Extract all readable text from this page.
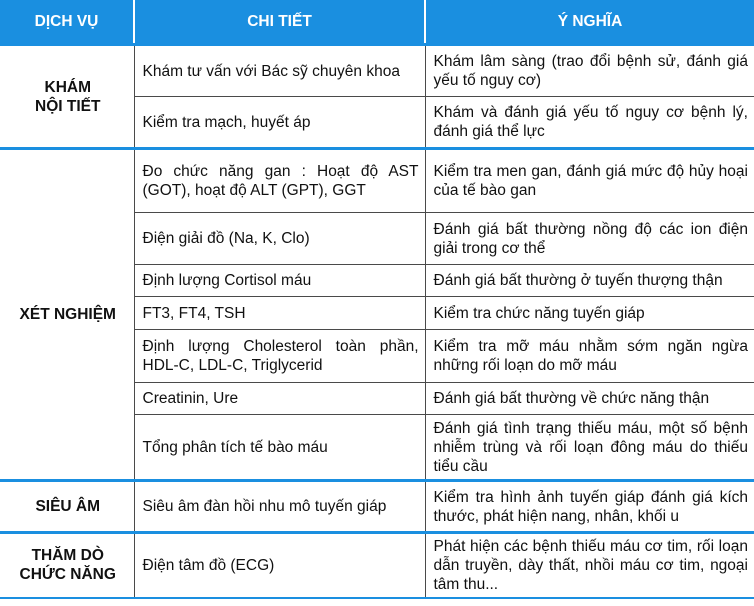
DỊCH VỤ	CHI TIẾT	Ý NGHĨA
KHÁM
NỘI TIẾT	Khám tư vấn với Bác sỹ chuyên khoa	Khám lâm sàng (trao đổi bệnh sử, đánh giá yếu tố nguy cơ)
	Kiểm tra mạch, huyết áp	Khám và đánh giá yếu tố nguy cơ bệnh lý, đánh giá thể lực
XÉT NGHIỆM	Đo chức năng gan : Hoạt độ AST (GOT), hoạt độ ALT (GPT), GGT	Kiểm tra men gan, đánh giá mức độ hủy hoại của tế bào gan
	Điện giải đồ (Na, K, Clo)	Đánh giá bất thường nồng độ các ion điện giải trong cơ thể
	Định lượng Cortisol máu	Đánh giá bất thường ở tuyến thượng thận
	FT3, FT4, TSH	Kiểm tra chức năng tuyến giáp
	Định lượng Cholesterol toàn phần, HDL-C, LDL-C, Triglycerid	Kiểm tra mỡ máu nhằm sớm ngăn ngừa những rối loạn do mỡ máu
	Creatinin, Ure	Đánh giá bất thường về chức năng thận
	Tổng phân tích tế bào máu	Đánh giá tình trạng thiếu máu, một số bệnh nhiễm trùng và rối loạn đông máu do thiếu tiểu cầu
SIÊU ÂM	Siêu âm đàn hồi nhu mô tuyến giáp	Kiểm tra hình ảnh tuyến giáp đánh giá kích thước, phát hiện nang, nhân, khối u
THĂM DÒ
CHỨC NĂNG	Điện tâm đồ (ECG)	Phát hiện các bệnh thiếu máu cơ tim, rối loạn dẫn truyền, dày thất, nhồi máu cơ tim, ngoại tâm thu...
